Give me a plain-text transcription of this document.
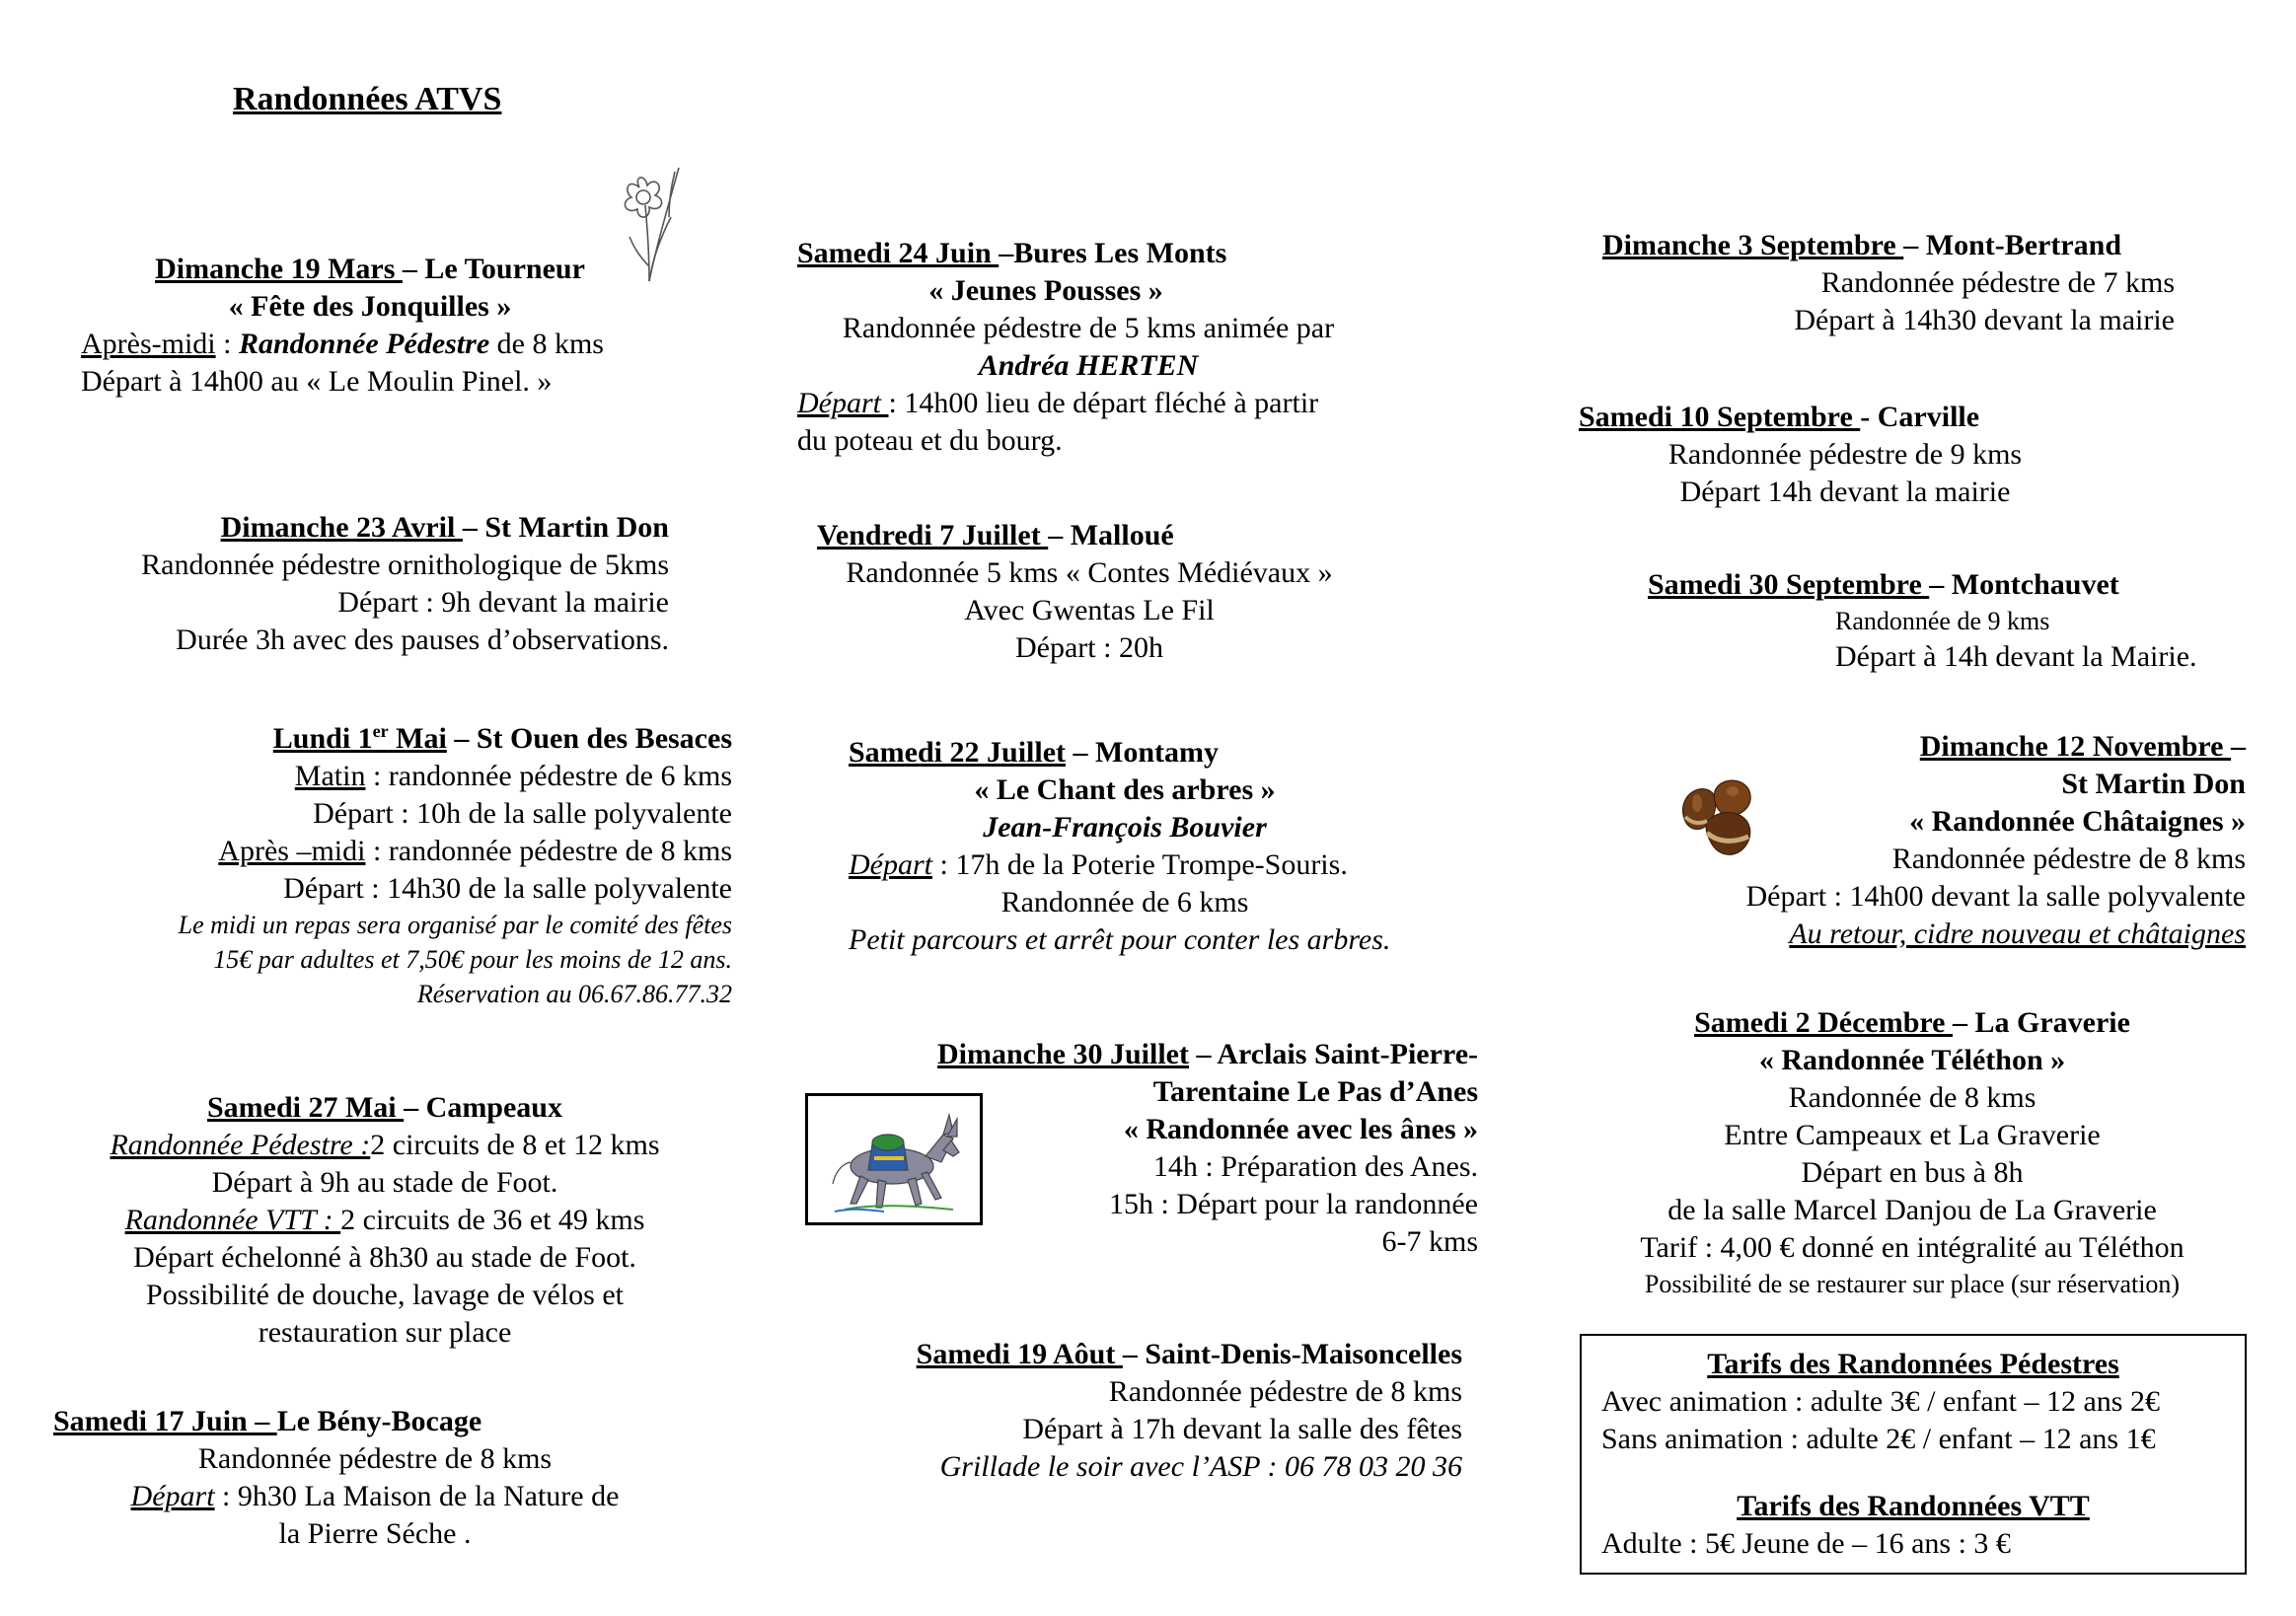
Randonnées ATVS
Dimanche 19 Mars – Le Tourneur
« Fête des Jonquilles »
Après-midi : Randonnée Pédestre de 8 kms
Départ à 14h00 au « Le Moulin Pinel. »
Dimanche 23 Avril – St Martin Don
Randonnée pédestre ornithologique de 5kms
Départ : 9h devant la mairie
Durée 3h avec des pauses d’observations.
Lundi 1er Mai – St Ouen des Besaces
Matin : randonnée pédestre de 6 kms
Départ : 10h de la salle polyvalente
Après –midi : randonnée pédestre de 8 kms
Départ : 14h30 de la salle polyvalente
Le midi un repas sera organisé par le comité des fêtes
15€ par adultes et 7,50€ pour les moins de 12 ans.
Réservation au 06.67.86.77.32
Samedi 27 Mai – Campeaux
Randonnée Pédestre :2 circuits de 8 et 12 kms
Départ à 9h au stade de Foot.
Randonnée VTT : 2 circuits de 36 et 49 kms
Départ échelonné à 8h30 au stade de Foot.
Possibilité de douche, lavage de vélos et
restauration sur place
Samedi 17 Juin – Le Bény-Bocage
Randonnée pédestre de 8 kms
Départ : 9h30 La Maison de la Nature de
la Pierre Séche .
Samedi 24 Juin –Bures Les Monts
« Jeunes Pousses »
Randonnée pédestre de 5 kms animée par
Andréa HERTEN
Départ : 14h00 lieu de départ fléché à partir
du poteau et du bourg.
Vendredi 7 Juillet – Malloué
Randonnée 5 kms « Contes Médiévaux »
Avec Gwentas Le Fil
Départ : 20h
Samedi 22 Juillet – Montamy
« Le Chant des arbres »
Jean-François Bouvier
Départ : 17h de la Poterie Trompe-Souris.
Randonnée de 6 kms
Petit parcours et arrêt pour conter les arbres.
Dimanche 30 Juillet – Arclais Saint-Pierre-
Tarentaine Le Pas d’Anes
« Randonnée avec les ânes »
14h : Préparation des Anes.
15h : Départ pour la randonnée
6-7 kms
Samedi 19 Aôut – Saint-Denis-Maisoncelles
Randonnée pédestre de 8 kms
Départ à 17h devant la salle des fêtes
Grillade le soir avec l’ASP : 06 78 03 20 36
Dimanche 3 Septembre – Mont-Bertrand
Randonnée pédestre de 7 kms
Départ à 14h30 devant la mairie
Samedi 10 Septembre - Carville
Randonnée pédestre de 9 kms
Départ 14h devant la mairie
Samedi 30 Septembre – Montchauvet
Randonnée de 9 kms
Départ à 14h devant la Mairie.
Dimanche 12 Novembre –
St Martin Don
« Randonnée Châtaignes »
Randonnée pédestre de 8 kms
Départ : 14h00 devant la salle polyvalente
Au retour, cidre nouveau et châtaignes
Samedi 2 Décembre – La Graverie
« Randonnée Téléthon »
Randonnée de 8 kms
Entre Campeaux et La Graverie
Départ en bus à 8h
de la salle Marcel Danjou de La Graverie
Tarif : 4,00 € donné en intégralité au Téléthon
Possibilité de se restaurer sur place (sur réservation)
Tarifs des Randonnées Pédestres
Avec animation : adulte 3€ / enfant – 12 ans 2€
Sans animation : adulte 2€ / enfant – 12 ans 1€
Tarifs des Randonnées VTT
Adulte : 5€ Jeune de – 16 ans : 3 €
